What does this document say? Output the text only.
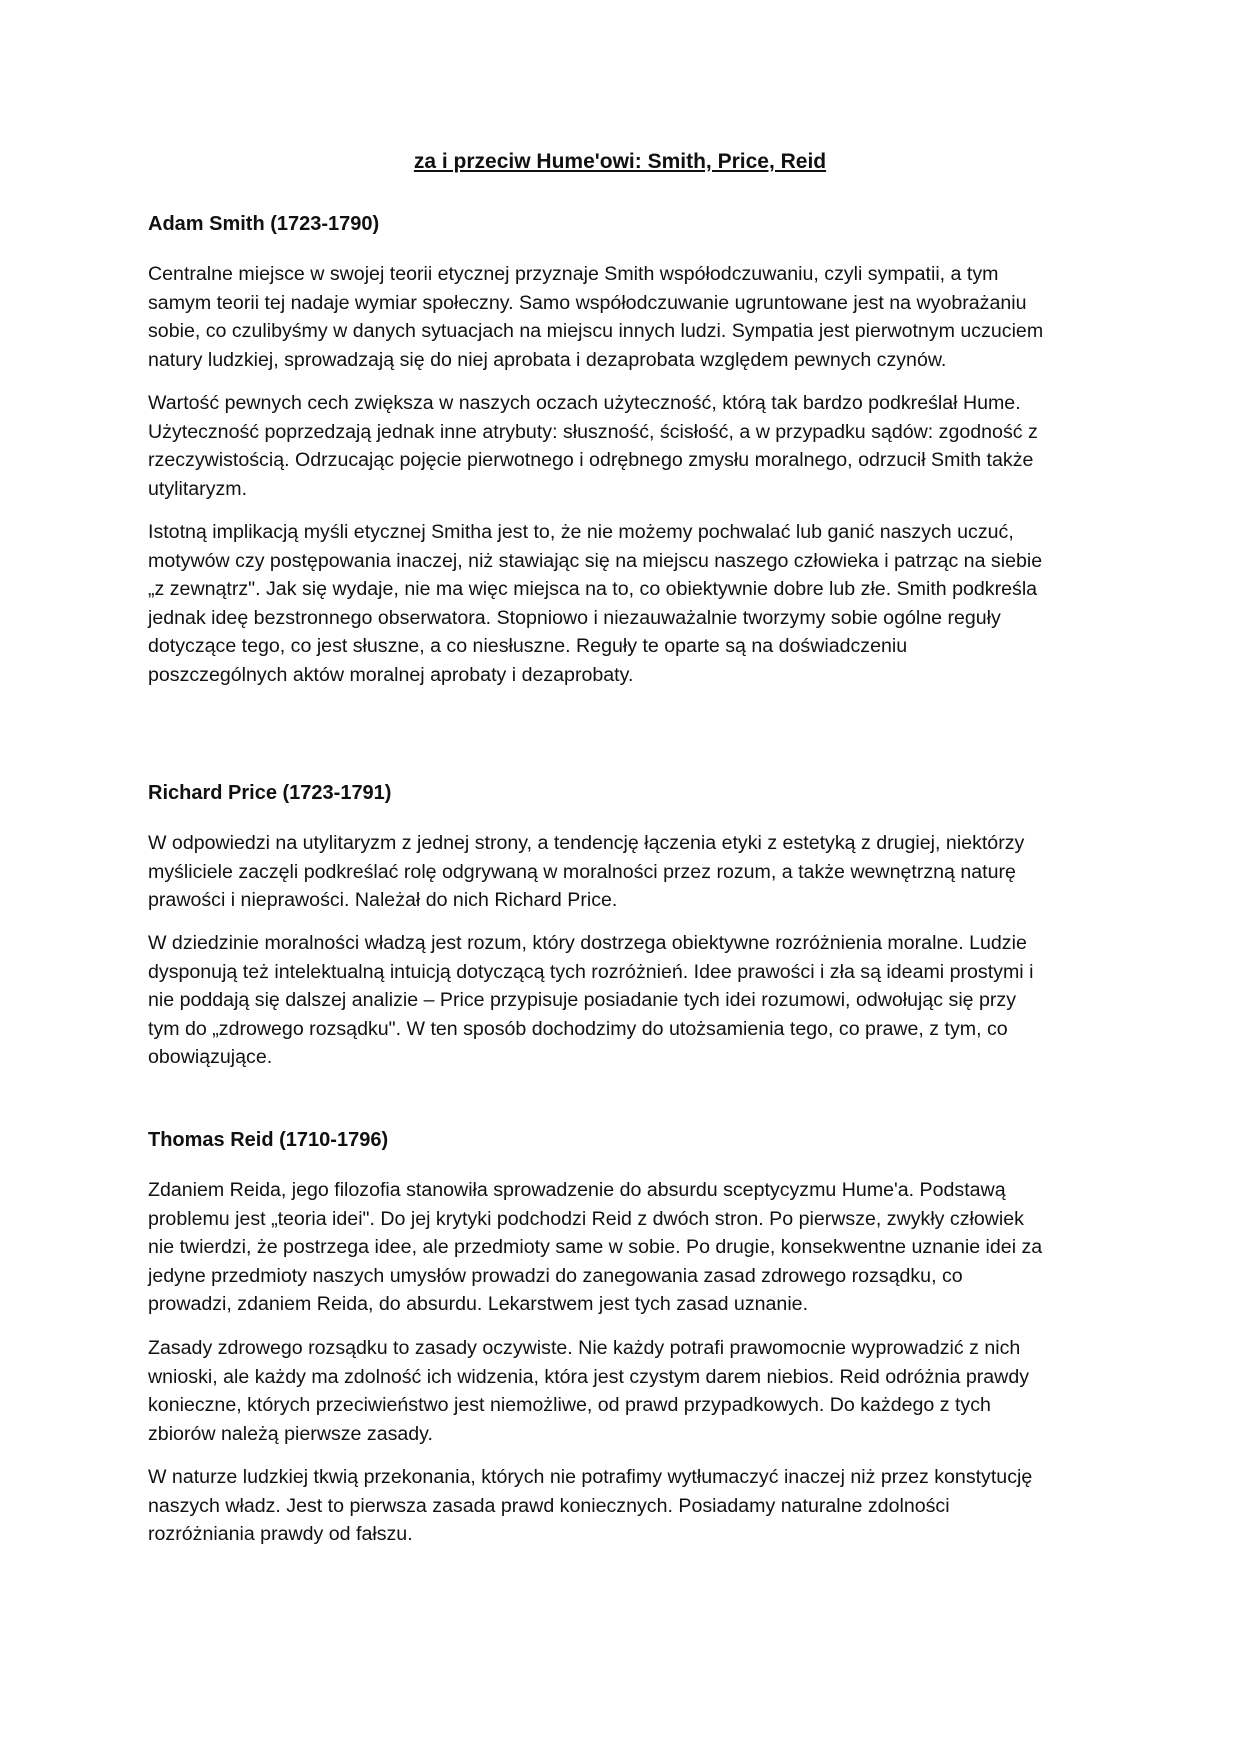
za i przeciw Hume'owi: Smith, Price, Reid
Adam Smith (1723-1790)
Centralne miejsce w swojej teorii etycznej przyznaje Smith współodczuwaniu, czyli sympatii, a tym
samym teorii tej nadaje wymiar społeczny. Samo współodczuwanie ugruntowane jest na wyobrażaniu
sobie, co czulibyśmy w danych sytuacjach na miejscu innych ludzi. Sympatia jest pierwotnym uczuciem
natury ludzkiej, sprowadzają się do niej aprobata i dezaprobata względem pewnych czynów.
Wartość pewnych cech zwiększa w naszych oczach użyteczność, którą tak bardzo podkreślał Hume.
Użyteczność poprzedzają jednak inne atrybuty: słuszność, ścisłość, a w przypadku sądów: zgodność z
rzeczywistością. Odrzucając pojęcie pierwotnego i odrębnego zmysłu moralnego, odrzucił Smith także
utylitaryzm.
Istotną implikacją myśli etycznej Smitha jest to, że nie możemy pochwalać lub ganić naszych uczuć,
motywów czy postępowania inaczej, niż stawiając się na miejscu naszego człowieka i patrząc na siebie
„z zewnątrz". Jak się wydaje, nie ma więc miejsca na to, co obiektywnie dobre lub złe. Smith podkreśla
jednak ideę bezstronnego obserwatora. Stopniowo i niezauważalnie tworzymy sobie ogólne reguły
dotyczące tego, co jest słuszne, a co niesłuszne. Reguły te oparte są na doświadczeniu
poszczególnych aktów moralnej aprobaty i dezaprobaty.
Richard Price (1723-1791)
W odpowiedzi na utylitaryzm z jednej strony, a tendencję łączenia etyki z estetyką z drugiej, niektórzy
myśliciele zaczęli podkreślać rolę odgrywaną w moralności przez rozum, a także wewnętrzną naturę
prawości i nieprawości. Należał do nich Richard Price.
W dziedzinie moralności władzą jest rozum, który dostrzega obiektywne rozróżnienia moralne. Ludzie
dysponują też intelektualną intuicją dotyczącą tych rozróżnień. Idee prawości i zła są ideami prostymi i
nie poddają się dalszej analizie – Price przypisuje posiadanie tych idei rozumowi, odwołując się przy
tym do „zdrowego rozsądku". W ten sposób dochodzimy do utożsamienia tego, co prawe, z tym, co
obowiązujące.
Thomas Reid (1710-1796)
Zdaniem Reida, jego filozofia stanowiła sprowadzenie do absurdu sceptycyzmu Hume'a. Podstawą
problemu jest „teoria idei". Do jej krytyki podchodzi Reid z dwóch stron. Po pierwsze, zwykły człowiek
nie twierdzi, że postrzega idee, ale przedmioty same w sobie. Po drugie, konsekwentne uznanie idei za
jedyne przedmioty naszych umysłów prowadzi do zanegowania zasad zdrowego rozsądku, co
prowadzi, zdaniem Reida, do absurdu. Lekarstwem jest tych zasad uznanie.
Zasady zdrowego rozsądku to zasady oczywiste. Nie każdy potrafi prawomocnie wyprowadzić z nich
wnioski, ale każdy ma zdolność ich widzenia, która jest czystym darem niebios. Reid odróżnia prawdy
konieczne, których przeciwieństwo jest niemożliwe, od prawd przypadkowych. Do każdego z tych
zbiorów należą pierwsze zasady.
W naturze ludzkiej tkwią przekonania, których nie potrafimy wytłumaczyć inaczej niż przez konstytucję
naszych władz. Jest to pierwsza zasada prawd koniecznych. Posiadamy naturalne zdolności
rozróżniania prawdy od fałszu.
